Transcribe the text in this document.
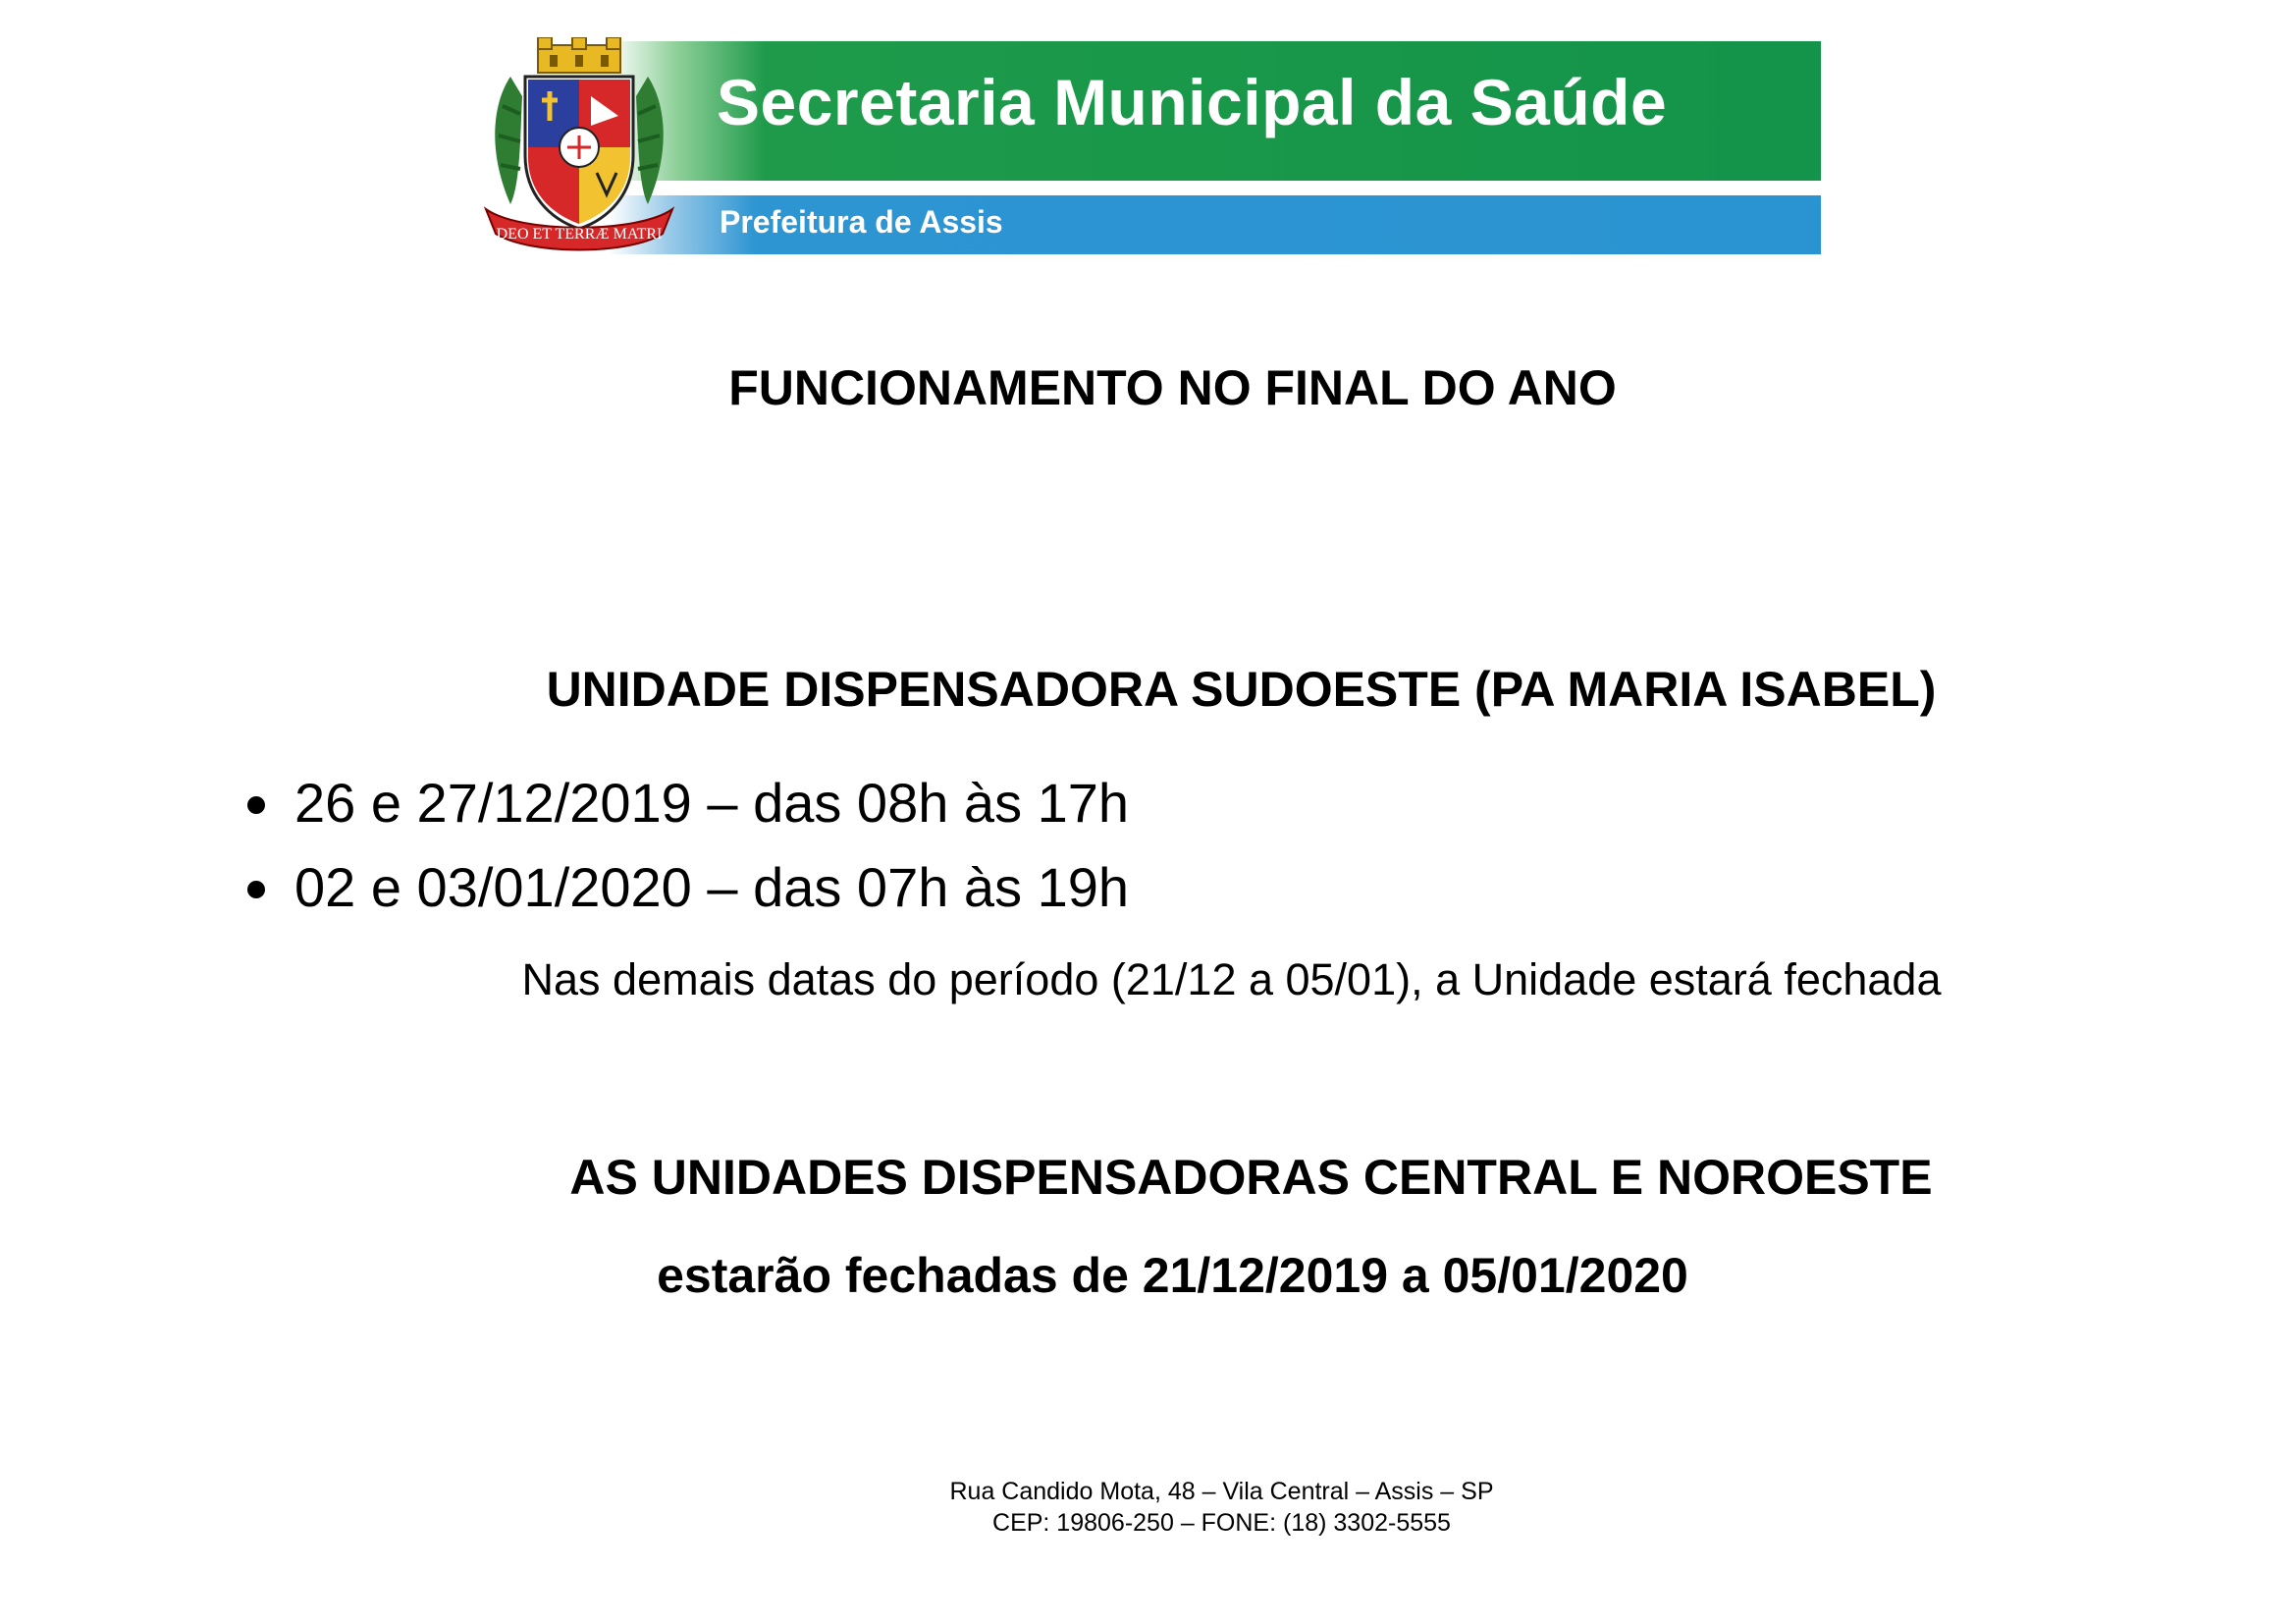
Secretaria Municipal da Saúde
Prefeitura de Assis
DEO ET TERRÆ MATRI
FUNCIONAMENTO NO FINAL DO ANO
UNIDADE DISPENSADORA SUDOESTE (PA MARIA ISABEL)
26 e 27/12/2019 – das 08h às 17h
02 e 03/01/2020 – das 07h às 19h
Nas demais datas do período (21/12 a 05/01), a Unidade estará fechada
AS UNIDADES DISPENSADORAS CENTRAL E NOROESTE
estarão fechadas de 21/12/2019 a 05/01/2020
Rua Candido Mota, 48 – Vila Central – Assis – SP
CEP: 19806-250 – FONE: (18) 3302-5555
